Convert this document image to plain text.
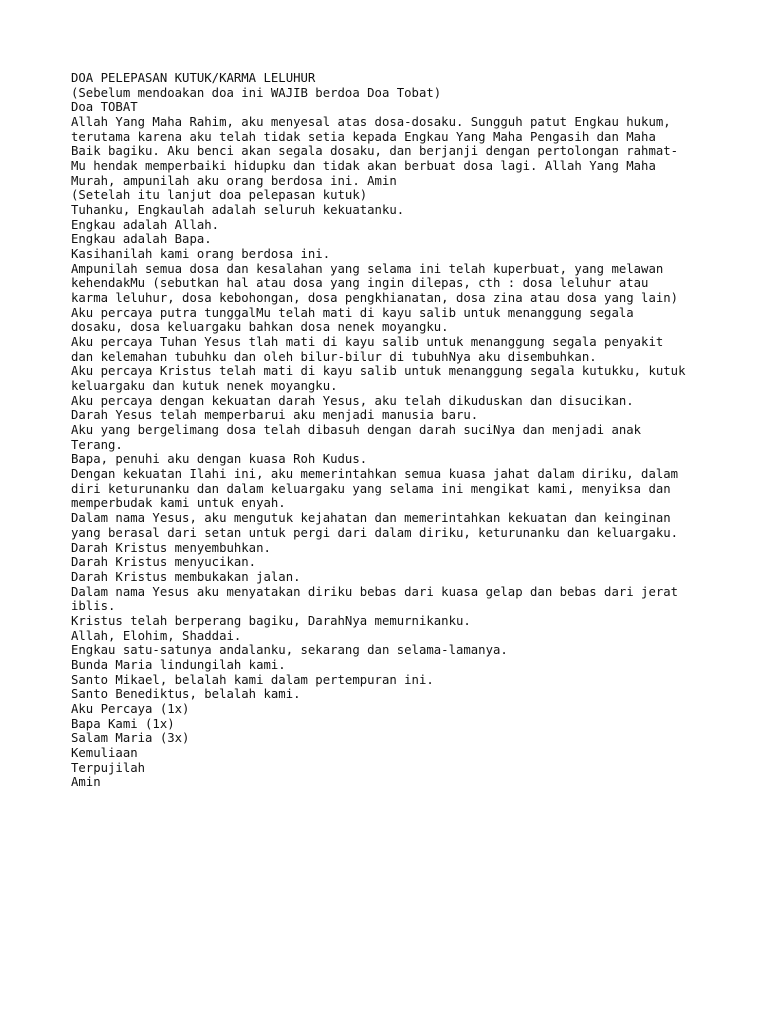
DOA PELEPASAN KUTUK/KARMA LELUHUR

(Sebelum mendoakan doa ini WAJIB berdoa Doa Tobat)

Doa TOBAT

Allah Yang Maha Rahim, aku menyesal atas dosa-dosaku. Sungguh patut Engkau hukum,

terutama karena aku telah tidak setia kepada Engkau Yang Maha Pengasih dan Maha

Baik bagiku. Aku benci akan segala dosaku, dan berjanji dengan pertolongan rahmat-

Mu hendak memperbaiki hidupku dan tidak akan berbuat dosa lagi. Allah Yang Maha

Murah, ampunilah aku orang berdosa ini. Amin

(Setelah itu lanjut doa pelepasan kutuk)

Tuhanku, Engkaulah adalah seluruh kekuatanku.

Engkau adalah Allah.

Engkau adalah Bapa.

Kasihanilah kami orang berdosa ini.

Ampunilah semua dosa dan kesalahan yang selama ini telah kuperbuat, yang melawan

kehendakMu (sebutkan hal atau dosa yang ingin dilepas, cth : dosa leluhur atau

karma leluhur, dosa kebohongan, dosa pengkhianatan, dosa zina atau dosa yang lain)

Aku percaya putra tunggalMu telah mati di kayu salib untuk menanggung segala

dosaku, dosa keluargaku bahkan dosa nenek moyangku.

Aku percaya Tuhan Yesus tlah mati di kayu salib untuk menanggung segala penyakit

dan kelemahan tubuhku dan oleh bilur-bilur di tubuhNya aku disembuhkan.

Aku percaya Kristus telah mati di kayu salib untuk menanggung segala kutukku, kutuk

keluargaku dan kutuk nenek moyangku.

Aku percaya dengan kekuatan darah Yesus, aku telah dikuduskan dan disucikan.

Darah Yesus telah memperbarui aku menjadi manusia baru.

Aku yang bergelimang dosa telah dibasuh dengan darah suciNya dan menjadi anak

Terang.

Bapa, penuhi aku dengan kuasa Roh Kudus.

Dengan kekuatan Ilahi ini, aku memerintahkan semua kuasa jahat dalam diriku, dalam

diri keturunanku dan dalam keluargaku yang selama ini mengikat kami, menyiksa dan

memperbudak kami untuk enyah.

Dalam nama Yesus, aku mengutuk kejahatan dan memerintahkan kekuatan dan keinginan

yang berasal dari setan untuk pergi dari dalam diriku, keturunanku dan keluargaku.

Darah Kristus menyembuhkan.

Darah Kristus menyucikan.

Darah Kristus membukakan jalan.

Dalam nama Yesus aku menyatakan diriku bebas dari kuasa gelap dan bebas dari jerat

iblis.

Kristus telah berperang bagiku, DarahNya memurnikanku.

Allah, Elohim, Shaddai.

Engkau satu-satunya andalanku, sekarang dan selama-lamanya.

Bunda Maria lindungilah kami.

Santo Mikael, belalah kami dalam pertempuran ini.

Santo Benediktus, belalah kami.

Aku Percaya (1x)

Bapa Kami (1x)

Salam Maria (3x)

Kemuliaan

Terpujilah

Amin
